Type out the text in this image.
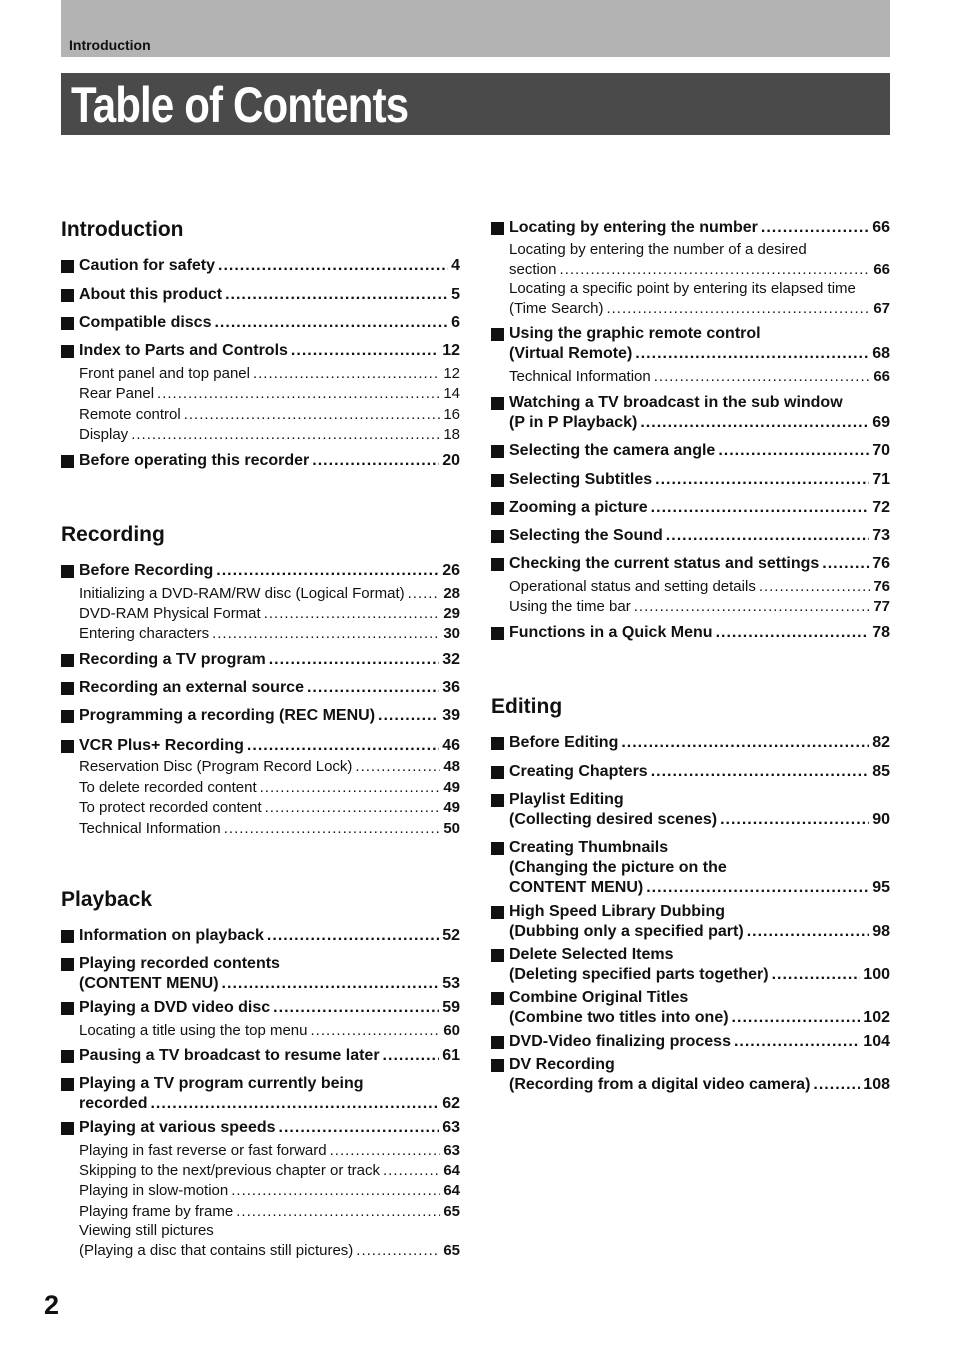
Introduction
Table of Contents
Introduction
Caution for safety .....	4
About this product .....	5
Compatible discs .....	6
Index to Parts and Controls .....	12
Front panel and top panel .....	12
Rear Panel .....	14
Remote control .....	16
Display .....	18
Before operating this recorder .....	20
Recording
Before Recording .....	26
Initializing a DVD-RAM/RW disc (Logical Format) .....	28
DVD-RAM Physical Format .....	29
Entering characters .....	30
Recording a TV program .....	32
Recording an external source .....	36
Programming a recording (REC MENU) .....	39
VCR Plus+ Recording .....	46
Reservation Disc (Program Record Lock) .....	48
To delete recorded content .....	49
To protect recorded content .....	49
Technical Information .....	50
Playback
Information on playback .....	52
Playing recorded contents
(CONTENT MENU) .....	53
Playing a DVD video disc .....	59
Locating a title using the top menu .....	60
Pausing a TV broadcast to resume later .....	61
Playing a TV program currently being
recorded .....	62
Playing at various speeds .....	63
Playing in fast reverse or fast forward .....	63
Skipping to the next/previous chapter or track .....	64
Playing in slow-motion .....	64
Playing frame by frame .....	65
Viewing still pictures
(Playing a disc that contains still pictures) .....	65
Locating by entering the number .....	66
Locating by entering the number of a desired
section .....	66
Locating a specific point by entering its elapsed time
(Time Search) .....	67
Using the graphic remote control
(Virtual Remote) .....	68
Technical Information .....	66
Watching a TV broadcast in the sub window
(P in P Playback) .....	69
Selecting the camera angle .....	70
Selecting Subtitles .....	71
Zooming a picture .....	72
Selecting the Sound .....	73
Checking the current status and settings .....	76
Operational status and setting details .....	76
Using the time bar .....	77
Functions in a Quick Menu .....	78
Editing
Before Editing .....	82
Creating Chapters .....	85
Playlist Editing
(Collecting desired scenes) .....	90
Creating Thumbnails
(Changing the picture on the
CONTENT MENU) .....	95
High Speed Library Dubbing
(Dubbing only a specified part) .....	98
Delete Selected Items
(Deleting specified parts together) .....	100
Combine Original Titles
(Combine two titles into one) .....	102
DVD-Video finalizing process .....	104
DV Recording
(Recording from a digital video camera) .....	108
2
